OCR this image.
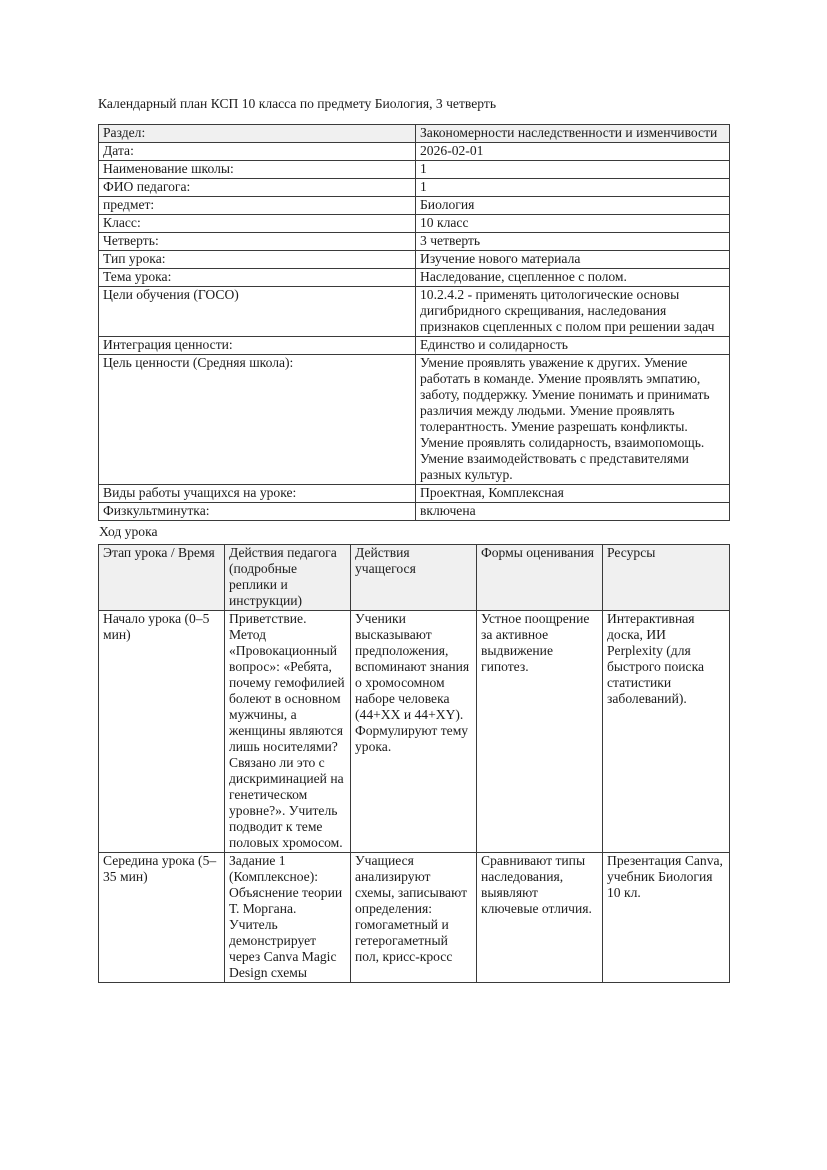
Календарный план КСП 10 класса по предмету Биология, 3 четверть
Раздел:	Закономерности наследственности и изменчивости
Дата:	2026-02-01
Наименование школы:	1
ФИО педагога:	1
предмет:	Биология
Класс:	10 класс
Четверть:	3 четверть
Тип урока:	Изучение нового материала
Тема урока:	Наследование, сцепленное с полом.
Цели обучения (ГОСО)	10.2.4.2 - применять цитологические основы дигибридного скрещивания, наследования признаков сцепленных с полом при решении задач
Интеграция ценности:	Единство и солидарность
Цель ценности (Средняя школа):	Умение проявлять уважение к других. Умение работать в команде. Умение проявлять эмпатию, заботу, поддержку. Умение понимать и принимать различия между людьми. Умение проявлять толерантность. Умение разрешать конфликты. Умение проявлять солидарность, взаимопомощь. Умение взаимодействовать с представителями разных культур.
Виды работы учащихся на уроке:	Проектная, Комплексная
Физкультминутка:	включена
Ход урока
Этап урока / Время	Действия педагога (подробные реплики и инструкции)	Действия учащегося	Формы оценивания	Ресурсы
Начало урока (0–5 мин)	Приветствие. Метод «Провокационный вопрос»: «Ребята, почему гемофилией болеют в основном мужчины, а женщины являются лишь носителями? Связано ли это с дискриминацией на генетическом уровне?». Учитель подводит к теме половых хромосом.	Ученики высказывают предположения, вспоминают знания о хромосомном наборе человека (44+XX и 44+XY). Формулируют тему урока.	Устное поощрение за активное выдвижение гипотез.	Интерактивная доска, ИИ Perplexity (для быстрого поиска статистики заболеваний).
Середина урока (5–35 мин)	Задание 1 (Комплексное): Объяснение теории Т. Моргана. Учитель демонстрирует через Canva Magic Design схемы	Учащиеся анализируют схемы, записывают определения: гомогаметный и гетерогаметный пол, крисс-кросс	Сравнивают типы наследования, выявляют ключевые отличия.	Презентация Canva, учебник Биология 10 кл.
